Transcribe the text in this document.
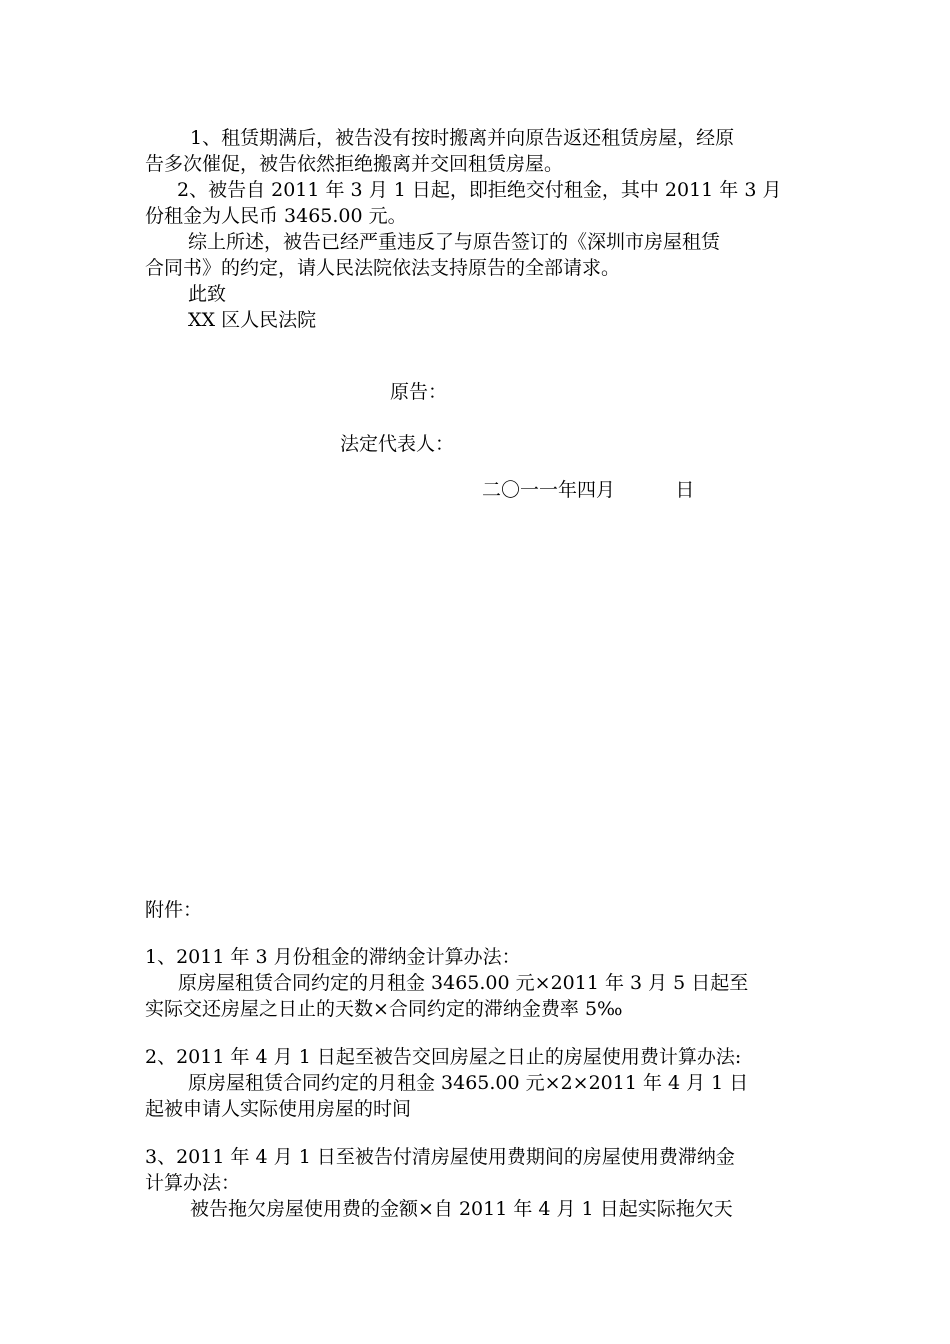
1、租赁期满后，被告没有按时搬离并向原告返还租赁房屋，经原
告多次催促，被告依然拒绝搬离并交回租赁房屋。
2、被告自 2011 年 3 月 1 日起，即拒绝交付租金，其中 2011 年 3 月
份租金为人民币 3465.00 元。
综上所述，被告已经严重违反了与原告签订的《深圳市房屋租赁
合同书》的约定，请人民法院依法支持原告的全部请求。
此致
XX 区人民法院
原告：
法定代表人：
二〇一一年四月          日
附件：
1、2011 年 3 月份租金的滞纳金计算办法：
原房屋租赁合同约定的月租金 3465.00 元×2011 年 3 月 5 日起至
实际交还房屋之日止的天数×合同约定的滞纳金费率 5‰
2、2011 年 4 月 1 日起至被告交回房屋之日止的房屋使用费计算办法:
原房屋租赁合同约定的月租金 3465.00 元×2×2011 年 4 月 1 日
起被申请人实际使用房屋的时间
3、2011 年 4 月 1 日至被告付清房屋使用费期间的房屋使用费滞纳金
计算办法：
被告拖欠房屋使用费的金额×自 2011 年 4 月 1 日起实际拖欠天
